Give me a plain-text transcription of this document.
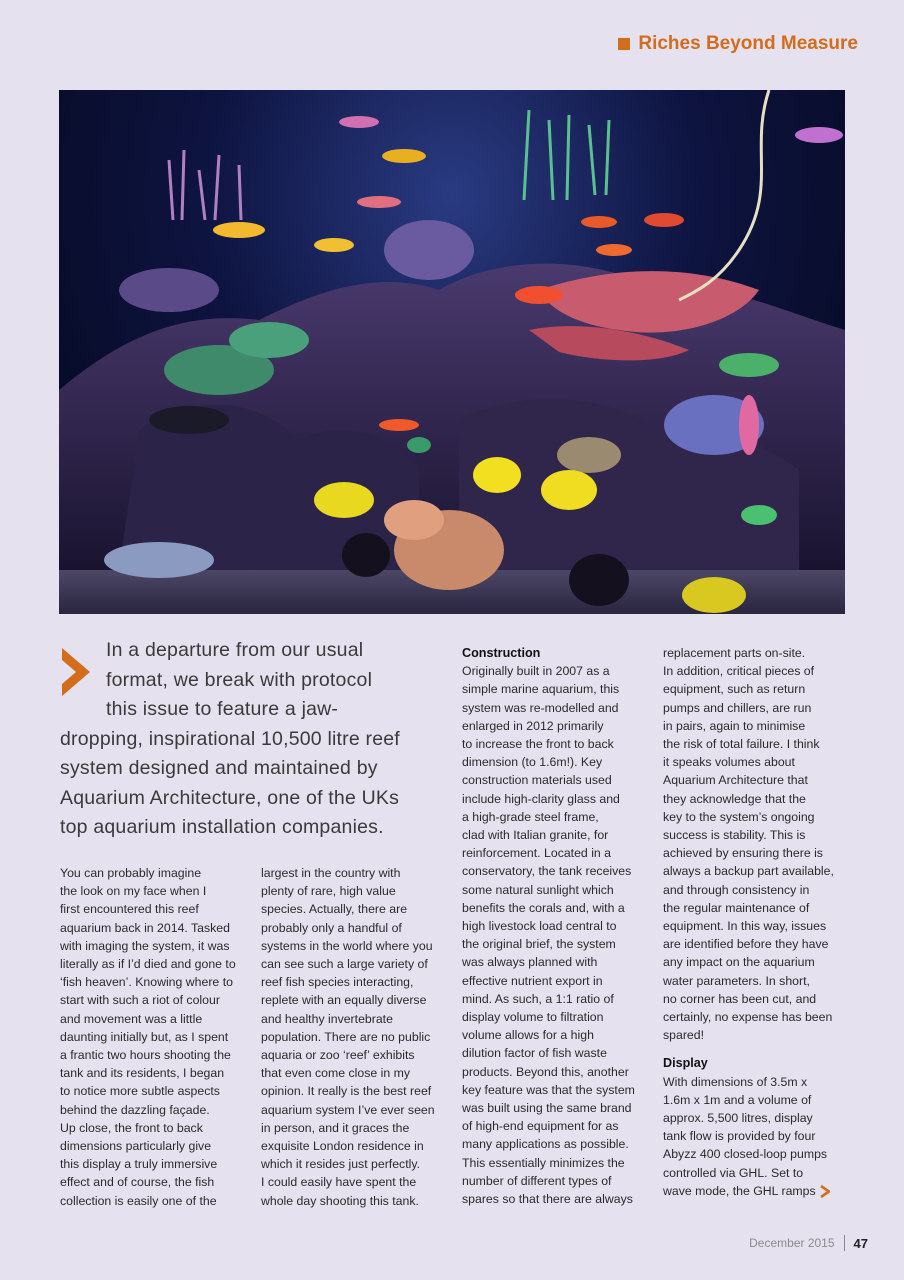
Riches Beyond Measure
In a departure from our usual
format, we break with protocol
this issue to feature a jaw-
dropping, inspirational 10,500 litre reef
system designed and maintained by
Aquarium Architecture, one of the UKs
top aquarium installation companies.
You can probably imagine
the look on my face when I
first encountered this reef
aquarium back in 2014. Tasked
with imaging the system, it was
literally as if I’d died and gone to
‘fish heaven’. Knowing where to
start with such a riot of colour
and movement was a little
daunting initially but, as I spent
a frantic two hours shooting the
tank and its residents, I began
to notice more subtle aspects
behind the dazzling façade.
Up close, the front to back
dimensions particularly give
this display a truly immersive
effect and of course, the fish
collection is easily one of the
largest in the country with
plenty of rare, high value
species. Actually, there are
probably only a handful of
systems in the world where you
can see such a large variety of
reef fish species interacting,
replete with an equally diverse
and healthy invertebrate
population. There are no public
aquaria or zoo ‘reef’ exhibits
that even come close in my
opinion. It really is the best reef
aquarium system I’ve ever seen
in person, and it graces the
exquisite London residence in
which it resides just perfectly.
I could easily have spent the
whole day shooting this tank.
Construction
Originally built in 2007 as a
simple marine aquarium, this
system was re-modelled and
enlarged in 2012 primarily
to increase the front to back
dimension (to 1.6m!). Key
construction materials used
include high-clarity glass and
a high-grade steel frame,
clad with Italian granite, for
reinforcement. Located in a
conservatory, the tank receives
some natural sunlight which
benefits the corals and, with a
high livestock load central to
the original brief, the system
was always planned with
effective nutrient export in
mind. As such, a 1:1 ratio of
display volume to filtration
volume allows for a high
dilution factor of fish waste
products. Beyond this, another
key feature was that the system
was built using the same brand
of high-end equipment for as
many applications as possible.
This essentially minimizes the
number of different types of
spares so that there are always
replacement parts on-site.
In addition, critical pieces of
equipment, such as return
pumps and chillers, are run
in pairs, again to minimise
the risk of total failure. I think
it speaks volumes about
Aquarium Architecture that
they acknowledge that the
key to the system’s ongoing
success is stability. This is
achieved by ensuring there is
always a backup part available,
and through consistency in
the regular maintenance of
equipment. In this way, issues
are identified before they have
any impact on the aquarium
water parameters. In short,
no corner has been cut, and
certainly, no expense has been
spared!
Display
With dimensions of 3.5m x
1.6m x 1m and a volume of
approx. 5,500 litres, display
tank flow is provided by four
Abyzz 400 closed-loop pumps
controlled via GHL. Set to
wave mode, the GHL ramps
December 2015 47
